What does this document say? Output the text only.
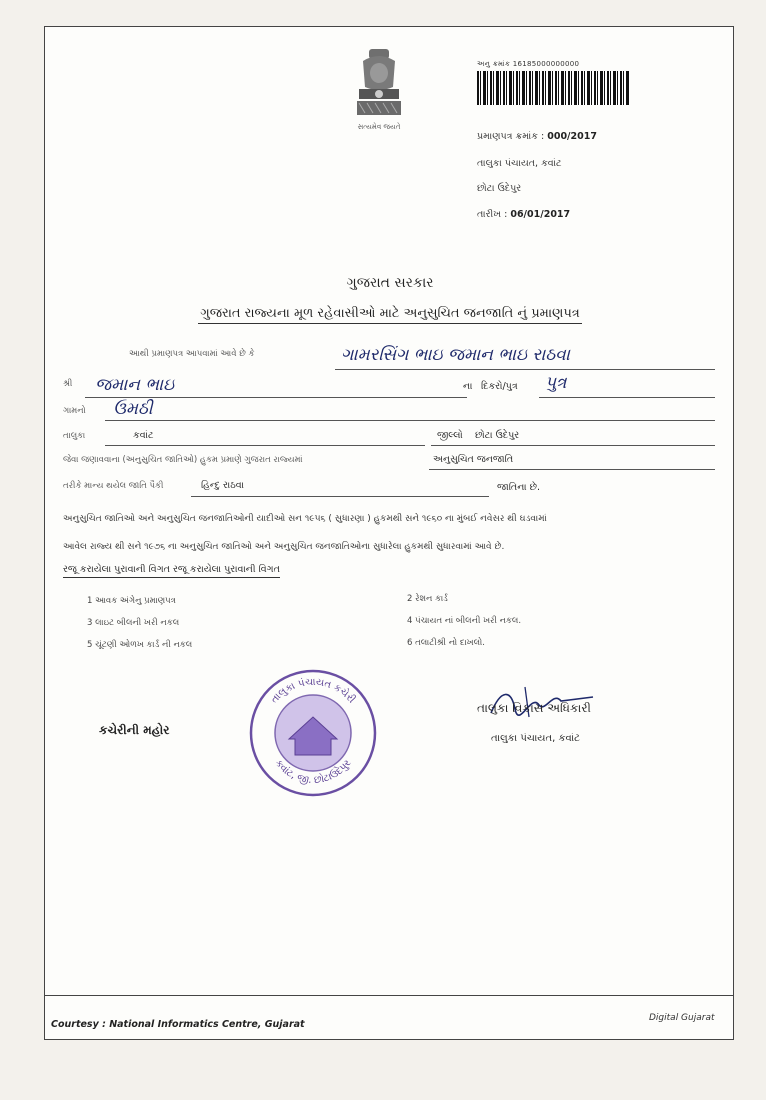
સત્યમેવ જયતે
અનુ ક્રમાંક 16185000000000
પ્રમાણપત્ર ક્રમાંક : 000/2017
તાલુકા પંચાયત, કવાંટ
છોટા ઉદેપુર
તારીખ : 06/01/2017
ગુજરાત સરકાર
ગુજરાત રાજ્યના મૂળ રહેવાસીઓ માટે અનુસુચિત જનજાતિ નું પ્રમાણપત્ર
આથી પ્રમાણપત્ર આપવામાં આવે છે કે	ગામરસિંગ ભાઇ જમાન ભાઇ રાઠવા
શ્રી જમાન ભાઇ	ના દિકરો/પુત્ર પુત્ર
ગામનો ઉમઠી
તાલુકા	કવાંટ	જીલ્લો છોટા ઉદેપુર
જેવા જણાવવાના (અનુસુચિત જાતિઓ) હુકમ પ્રમાણે ગુજરાત રાજ્યમાં	અનુસુચિત જનજાતિ
તરીકે માન્ય થયેલ જાતિ પૈકી	હિન્દુ રાઠવા	જાતિના છે.
અનુસુચિત જાતિઓ અને અનુસુચિત જનજાતિઓની યાદીઓ સન ૧૯૫૬ ( સુધારણા ) હુકમથી સને ૧૯૬૦ ના મુંબઈ નવેસર થી ઘડવામાં
આવેલ રાજ્ય થી સને ૧૯૭૬ ના અનુસુચિત જાતિઓ અને અનુસુચિત જનજાતિઓના સુધારેલા હુકમથી સુધારવામાં આવે છે.
રજૂ કરાયેલા પુરાવાની વિગત રજૂ કરાયેલા પુરાવાની વિગત
1 આવક અંગેનુ પ્રમાણપત્ર	2 રેશન કાર્ડ
3 લાઇટ બીલની ખરી નકલ	4 પંચાયત નાં બીલની ખરી નકલ.
5 ચૂંટણી ઓળખ કાર્ડ ની નકલ	6 તલાટીશ્રી નો દાખલો.
કચેરીની મહોર
તાલુકા પંચાયત કચેરી
કવાંટ, જી. છોટાઉદેપુર
તાલુકા વિકાસ અધિકારી
તાલુકા પંચાયત, કવાંટ
Courtesy : National Informatics Centre, Gujarat
Digital Gujarat
